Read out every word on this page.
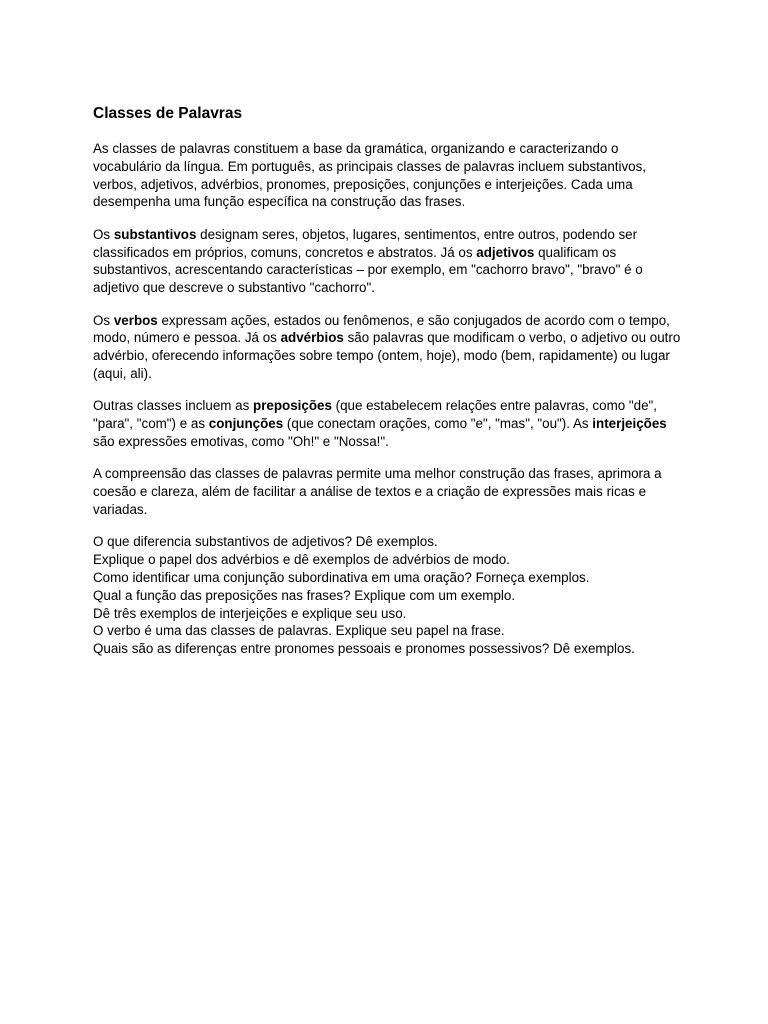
Classes de Palavras

As classes de palavras constituem a base da gramática, organizando e caracterizando o vocabulário da língua. Em português, as principais classes de palavras incluem substantivos, verbos, adjetivos, advérbios, pronomes, preposições, conjunções e interjeições. Cada uma desempenha uma função específica na construção das frases.

Os substantivos designam seres, objetos, lugares, sentimentos, entre outros, podendo ser classificados em próprios, comuns, concretos e abstratos. Já os adjetivos qualificam os substantivos, acrescentando características – por exemplo, em "cachorro bravo", "bravo" é o adjetivo que descreve o substantivo "cachorro".

Os verbos expressam ações, estados ou fenômenos, e são conjugados de acordo com o tempo, modo, número e pessoa. Já os advérbios são palavras que modificam o verbo, o adjetivo ou outro advérbio, oferecendo informações sobre tempo (ontem, hoje), modo (bem, rapidamente) ou lugar (aqui, ali).

Outras classes incluem as preposições (que estabelecem relações entre palavras, como "de", "para", "com") e as conjunções (que conectam orações, como "e", "mas", "ou"). As interjeições são expressões emotivas, como "Oh!" e "Nossa!".

A compreensão das classes de palavras permite uma melhor construção das frases, aprimora a coesão e clareza, além de facilitar a análise de textos e a criação de expressões mais ricas e variadas.

O que diferencia substantivos de adjetivos? Dê exemplos.
Explique o papel dos advérbios e dê exemplos de advérbios de modo.
Como identificar uma conjunção subordinativa em uma oração? Forneça exemplos.
Qual a função das preposições nas frases? Explique com um exemplo.
Dê três exemplos de interjeições e explique seu uso.
O verbo é uma das classes de palavras. Explique seu papel na frase.
Quais são as diferenças entre pronomes pessoais e pronomes possessivos? Dê exemplos.
